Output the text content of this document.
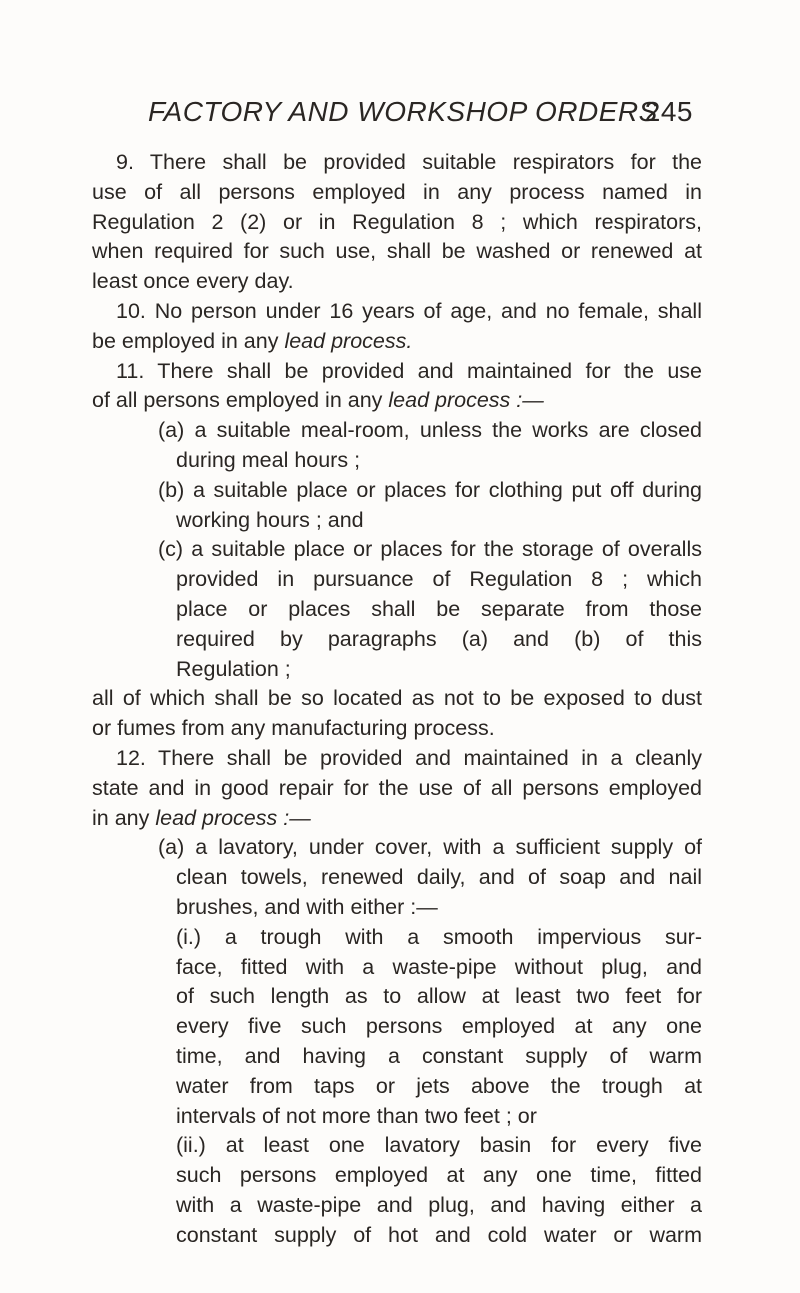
FACTORY AND WORKSHOP ORDERS
245
9. There shall be provided suitable respirators for the
use of all persons employed in any process named in
Regulation 2 (2) or in Regulation 8 ; which respirators,
when required for such use, shall be washed or renewed at
least once every day.
10. No person under 16 years of age, and no female, shall
be employed in any lead process.
11. There shall be provided and maintained for the use
of all persons employed in any lead process :—
(a) a suitable meal-room, unless the works are closed
during meal hours ;
(b) a suitable place or places for clothing put off during
working hours ; and
(c) a suitable place or places for the storage of overalls
provided in pursuance of Regulation 8 ; which
place or places shall be separate from those
required by paragraphs (a) and (b) of this
Regulation ;
all of which shall be so located as not to be exposed to dust
or fumes from any manufacturing process.
12. There shall be provided and maintained in a cleanly
state and in good repair for the use of all persons employed
in any lead process :—
(a) a lavatory, under cover, with a sufficient supply of
clean towels, renewed daily, and of soap and nail
brushes, and with either :—
(i.) a trough with a smooth impervious sur-
face, fitted with a waste-pipe without plug, and
of such length as to allow at least two feet for
every five such persons employed at any one
time, and having a constant supply of warm
water from taps or jets above the trough at
intervals of not more than two feet ; or
(ii.) at least one lavatory basin for every five
such persons employed at any one time, fitted
with a waste-pipe and plug, and having either a
constant supply of hot and cold water or warm
